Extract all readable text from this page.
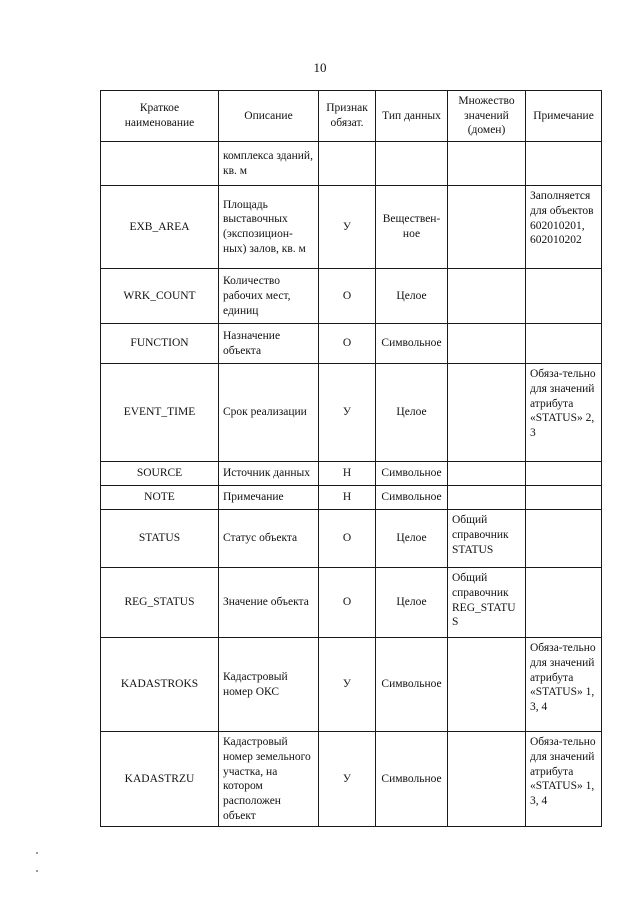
10
Краткое наименование	Описание	Признак обязат.	Тип данных	Множество значений (домен)	Примечание
	комплекса зданий, кв. м				
EXB_AREA	Площадь выставочных (экспозицион-ных) залов, кв. м	У	Веществен-ное		Заполняется для объектов 602010201, 602010202
WRK_COUNT	Количество рабочих мест, единиц	О	Целое		
FUNCTION	Назначение объекта	О	Символьное		
EVENT_TIME	Срок реализации	У	Целое		Обяза-тельно для значений атрибута «STATUS» 2, 3
SOURCE	Источник данных	Н	Символьное		
NOTE	Примечание	Н	Символьное		
STATUS	Статус объекта	О	Целое	Общий справочник STATUS	
REG_STATUS	Значение объекта	О	Целое	Общий справочник REG_STATU S	
KADASTROKS	Кадастровый номер ОКС	У	Символьное		Обяза-тельно для значений атрибута «STATUS» 1, 3, 4
KADASTRZU	Кадастровый номер земельного участка, на котором расположен объект	У	Символьное		Обяза-тельно для значений атрибута «STATUS» 1, 3, 4
